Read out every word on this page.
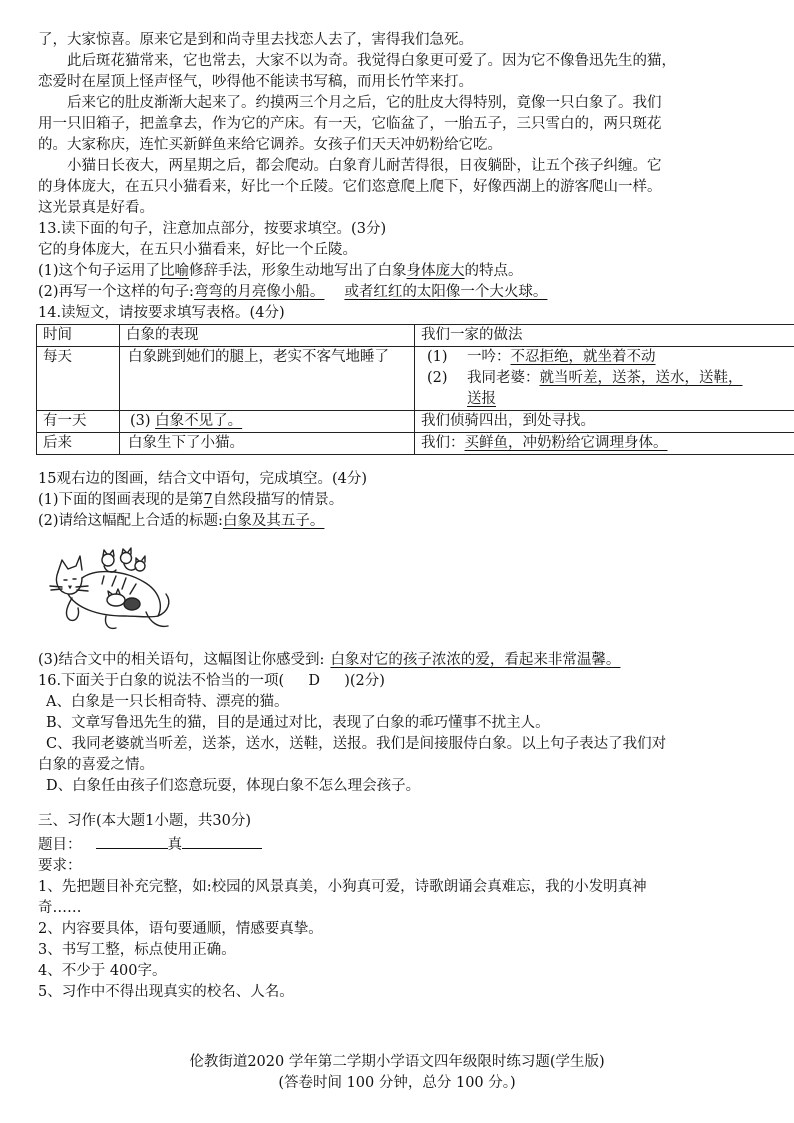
了，大家惊喜。原来它是到和尚寺里去找恋人去了，害得我们急死。
此后斑花猫常来，它也常去，大家不以为奇。我觉得白象更可爱了。因为它不像鲁迅先生的猫，
恋爱时在屋顶上怪声怪气，吵得他不能读书写稿，而用长竹竿来打。
后来它的肚皮渐渐大起来了。约摸两三个月之后，它的肚皮大得特别，竟像一只白象了。我们
用一只旧箱子，把盖拿去，作为它的产床。有一天，它临盆了，一胎五子，三只雪白的，两只斑花
的。大家称庆，连忙买新鲜鱼来给它调养。女孩子们天天冲奶粉给它吃。
小猫日长夜大，两星期之后，都会爬动。白象育儿耐苦得很，日夜躺卧，让五个孩子纠缠。它
的身体庞大，在五只小猫看来，好比一个丘陵。它们恣意爬上爬下，好像西湖上的游客爬山一样。
这光景真是好看。
13.读下面的句子，注意加点部分，按要求填空。(3分)
它的身体庞大，在五只小猫看来，好比一个丘陵。
(1)这个句子运用了比喻修辞手法，形象生动地写出了白象身体庞大的特点。
(2)再写一个这样的句子:弯弯的月亮像小船。 或者红红的太阳像一个大火球。
14.读短文，请按要求填写表格。(4分)
时间	白象的表现	我们一家的做法
每天	白象跳到她们的腿上，老实不客气地睡了	(1) 一吟：不忍拒绝，就坐着不动
(2) 我同老婆：就当听差，送茶，送水，送鞋，
送报

有一天	(3) 白象不见了。	我们侦骑四出，到处寻找。
后来	白象生下了小猫。	我们：买鲜鱼，冲奶粉给它调理身体。
15观右边的图画，结合文中语句，完成填空。(4分)
(1)下面的图画表现的是第7自然段描写的情景。
(2)请给这幅配上合适的标题:白象及其五子。
(3)结合文中的相关语句，这幅图让你感受到: 白象对它的孩子浓浓的爱，看起来非常温馨。
16.下面关于白象的说法不恰当的一项( D )(2分)
A、白象是一只长相奇特、漂亮的猫。
B、文章写鲁迅先生的猫，目的是通过对比，表现了白象的乖巧懂事不扰主人。
C、我同老婆就当听差，送茶，送水，送鞋，送报。我们是间接服侍白象。以上句子表达了我们对
白象的喜爱之情。
D、白象任由孩子们恣意玩耍，体现白象不怎么理会孩子。
三、习作(本大题1小题，共30分)
题目：	真
要求：
1、先把题目补充完整，如:校园的风景真美，小狗真可爱，诗歌朗诵会真难忘，我的小发明真神
奇……
2、内容要具体，语句要通顺，情感要真挚。
3、书写工整，标点使用正确。
4、不少于 400字。
5、习作中不得出现真实的校名、人名。
伦教街道2020 学年第二学期小学语文四年级限时练习题(学生版)
(答卷时间 100 分钟，总分 100 分。)
